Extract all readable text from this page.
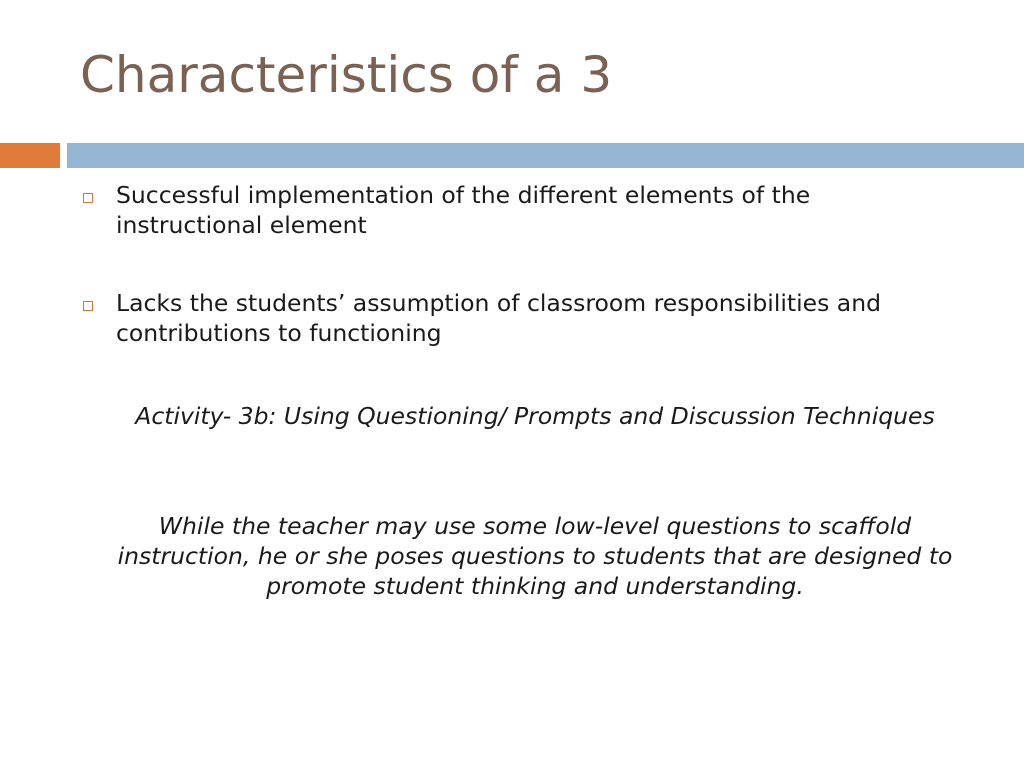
Characteristics of a 3
Successful implementation of the different elements of the instructional element
Lacks the students’ assumption of classroom responsibilities and contributions to functioning

Activity- 3b: Using Questioning/ Prompts and Discussion Techniques

While the teacher may use some low-level questions to scaffold instruction, he or she poses questions to students that are designed to promote student thinking and understanding.
